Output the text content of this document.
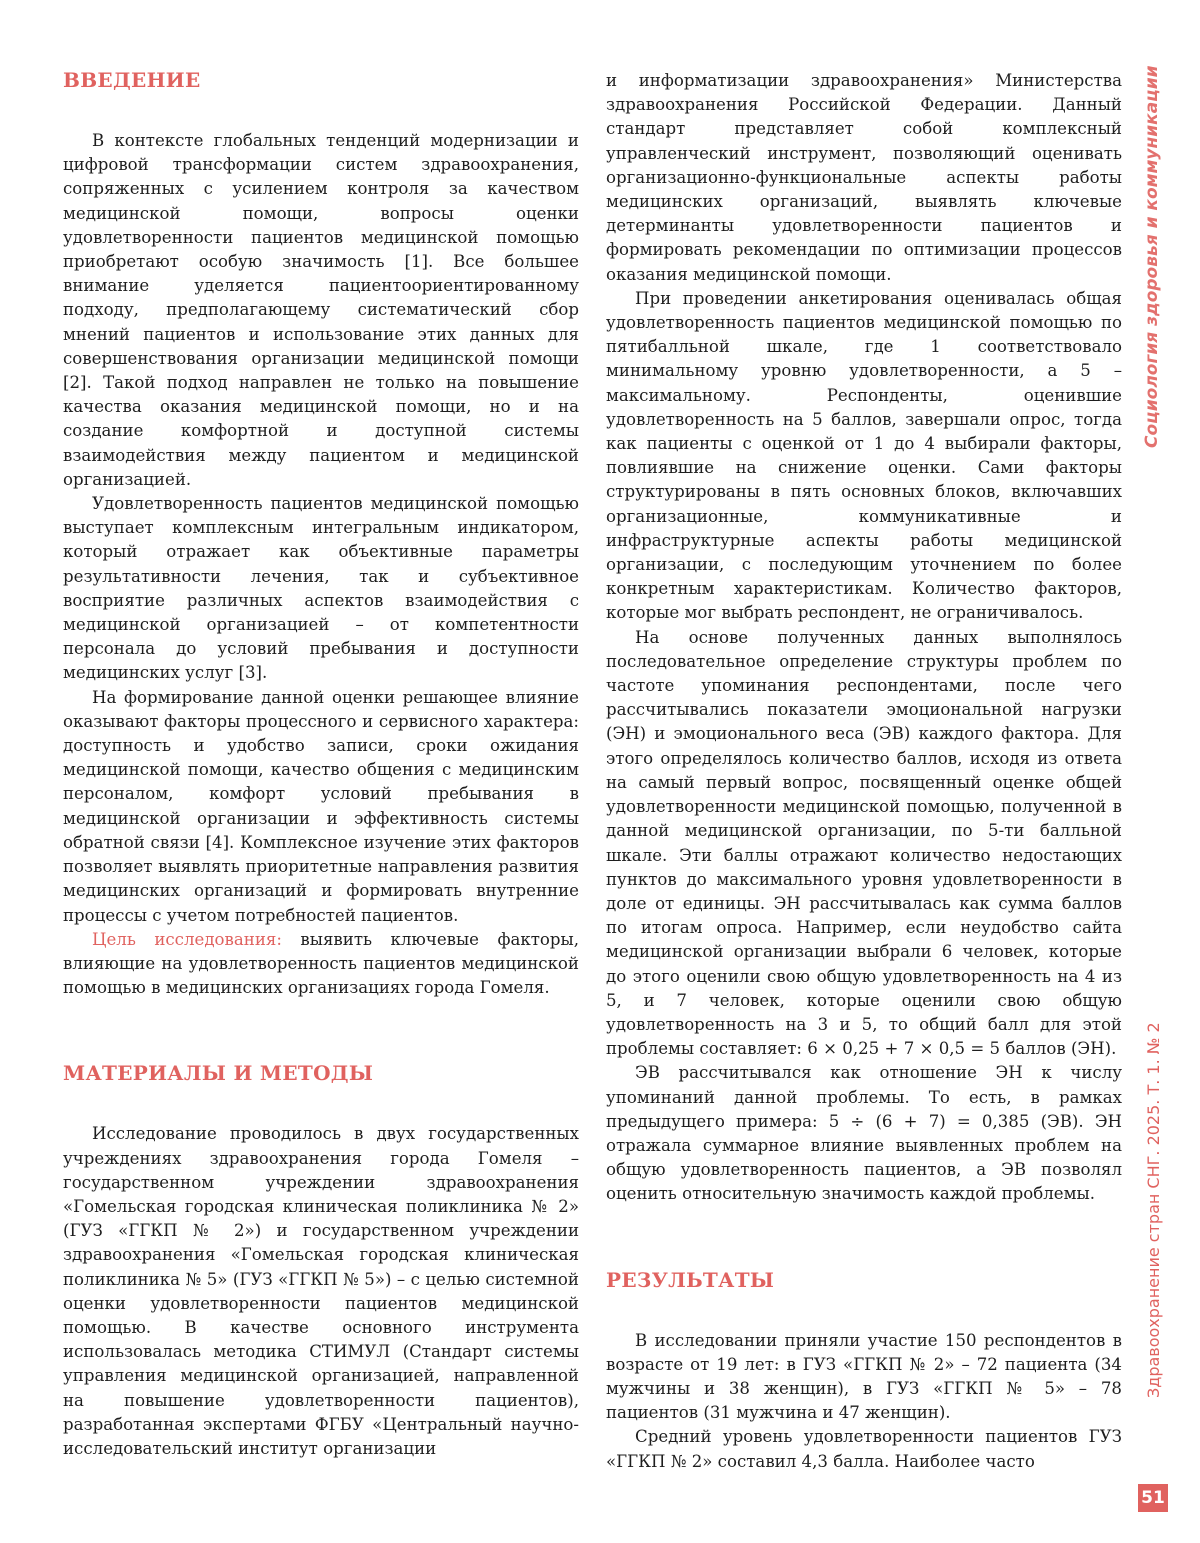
ВВЕДЕНИЕ

В контексте глобальных тенденций модернизации и цифровой трансформации систем здравоохранения, сопряженных с усилением контроля за качеством медицинской помощи, вопросы оценки удовлетворенности пациентов медицинской помощью приобретают особую значимость [1]. Все большее внимание уделяется пациентоориентированному подходу, предполагающему систематический сбор мнений пациентов и использование этих данных для совершенствования организации медицинской помощи [2]. Такой подход направлен не только на повышение качества оказания медицинской помощи, но и на создание комфортной и доступной системы взаимодействия между пациентом и медицинской организацией.

Удовлетворенность пациентов медицинской помощью выступает комплексным интегральным индикатором, который отражает как объективные параметры результативности лечения, так и субъективное восприятие различных аспектов взаимодействия с медицинской организацией – от компетентности персонала до условий пребывания и доступности медицинских услуг [3].

На формирование данной оценки решающее влияние оказывают факторы процессного и сервисного характера: доступность и удобство записи, сроки ожидания медицинской помощи, качество общения с медицинским персоналом, комфорт условий пребывания в медицинской организации и эффективность системы обратной связи [4]. Комплексное изучение этих факторов позволяет выявлять приоритетные направления развития медицинских организаций и формировать внутренние процессы с учетом потребностей пациентов.

Цель исследования: выявить ключевые факторы, влияющие на удовлетворенность пациентов медицинской помощью в медицинских организациях города Гомеля.

МАТЕРИАЛЫ И МЕТОДЫ

Исследование проводилось в двух государственных учреждениях здравоохранения города Гомеля – государственном учреждении здравоохранения «Гомельская городская клиническая поликлиника № 2» (ГУЗ «ГГКП № 2») и государственном учреждении здравоохранения «Гомельская городская клиническая поликлиника № 5» (ГУЗ «ГГКП № 5») – с целью системной оценки удовлетворенности пациентов медицинской помощью. В качестве основного инструмента использовалась методика СТИМУЛ (Стандарт системы управления медицинской организацией, направленной на повышение удовлетворенности пациентов), разработанная экспертами ФГБУ «Центральный научно-исследовательский институт организации

и информатизации здравоохранения» Министерства здравоохранения Российской Федерации. Данный стандарт представляет собой комплексный управленческий инструмент, позволяющий оценивать организационно-функциональные аспекты работы медицинских организаций, выявлять ключевые детерминанты удовлетворенности пациентов и формировать рекомендации по оптимизации процессов оказания медицинской помощи.

При проведении анкетирования оценивалась общая удовлетворенность пациентов медицинской помощью по пятибалльной шкале, где 1 соответствовало минимальному уровню удовлетворенности, а 5 – максимальному. Респонденты, оценившие удовлетворенность на 5 баллов, завершали опрос, тогда как пациенты с оценкой от 1 до 4 выбирали факторы, повлиявшие на снижение оценки. Сами факторы структурированы в пять основных блоков, включавших организационные, коммуникативные и инфраструктурные аспекты работы медицинской организации, с последующим уточнением по более конкретным характеристикам. Количество факторов, которые мог выбрать респондент, не ограничивалось.

На основе полученных данных выполнялось последовательное определение структуры проблем по частоте упоминания респондентами, после чего рассчитывались показатели эмоциональной нагрузки (ЭН) и эмоционального веса (ЭВ) каждого фактора. Для этого определялось количество баллов, исходя из ответа на самый первый вопрос, посвященный оценке общей удовлетворенности медицинской помощью, полученной в данной медицинской организации, по 5-ти балльной шкале. Эти баллы отражают количество недостающих пунктов до максимального уровня удовлетворенности в доле от единицы. ЭН рассчитывалась как сумма баллов по итогам опроса. Например, если неудобство сайта медицинской организации выбрали 6 человек, которые до этого оценили свою общую удовлетворенность на 4 из 5, и 7 человек, которые оценили свою общую удовлетворенность на 3 и 5, то общий балл для этой проблемы составляет: 6 × 0,25 + 7 × 0,5 = 5 баллов (ЭН).

ЭВ рассчитывался как отношение ЭН к числу упоминаний данной проблемы. То есть, в рамках предыдущего примера: 5 ÷ (6 + 7) = 0,385 (ЭВ). ЭН отражала суммарное влияние выявленных проблем на общую удовлетворенность пациентов, а ЭВ позволял оценить относительную значимость каждой проблемы.

РЕЗУЛЬТАТЫ

В исследовании приняли участие 150 респондентов в возрасте от 19 лет: в ГУЗ «ГГКП № 2» – 72 пациента (34 мужчины и 38 женщин), в ГУЗ «ГГКП № 5» – 78 пациентов (31 мужчина и 47 женщин).

Средний уровень удовлетворенности пациентов ГУЗ «ГГКП № 2» составил 4,3 балла. Наиболее часто

Социология здоровья и коммуникации
Здравоохранение стран СНГ. 2025. Т. 1. № 2
51
